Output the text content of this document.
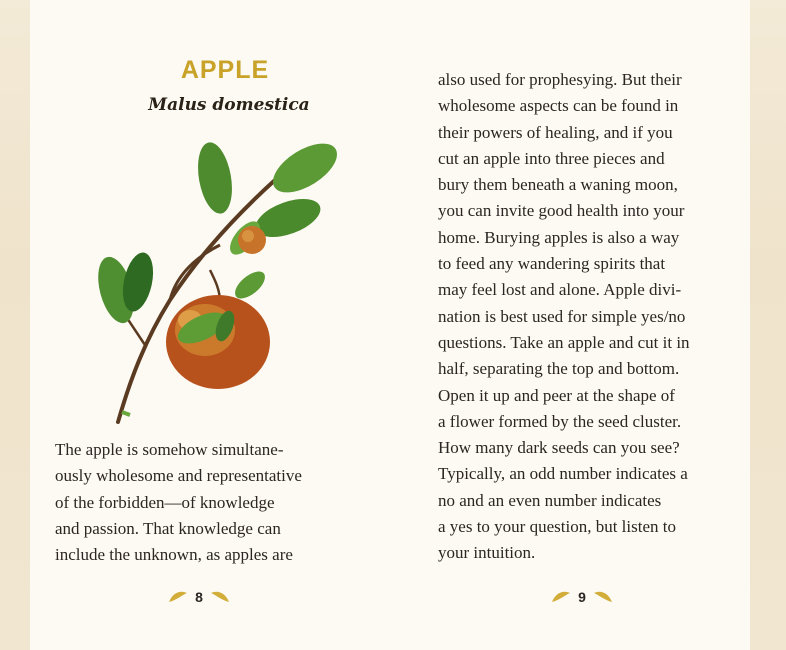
APPLE
Malus domestica

The apple is somehow simultane-
ously wholesome and representative
of the forbidden—of knowledge
and passion. That knowledge can
include the unknown, as apples are

8

also used for prophesying. But their
wholesome aspects can be found in
their powers of healing, and if you
cut an apple into three pieces and
bury them beneath a waning moon,
you can invite good health into your
home. Burying apples is also a way
to feed any wandering spirits that
may feel lost and alone. Apple divi-
nation is best used for simple yes/no
questions. Take an apple and cut it in
half, separating the top and bottom.
Open it up and peer at the shape of
a flower formed by the seed cluster.
How many dark seeds can you see?
Typically, an odd number indicates a
no and an even number indicates
a yes to your question, but listen to
your intuition.

9
